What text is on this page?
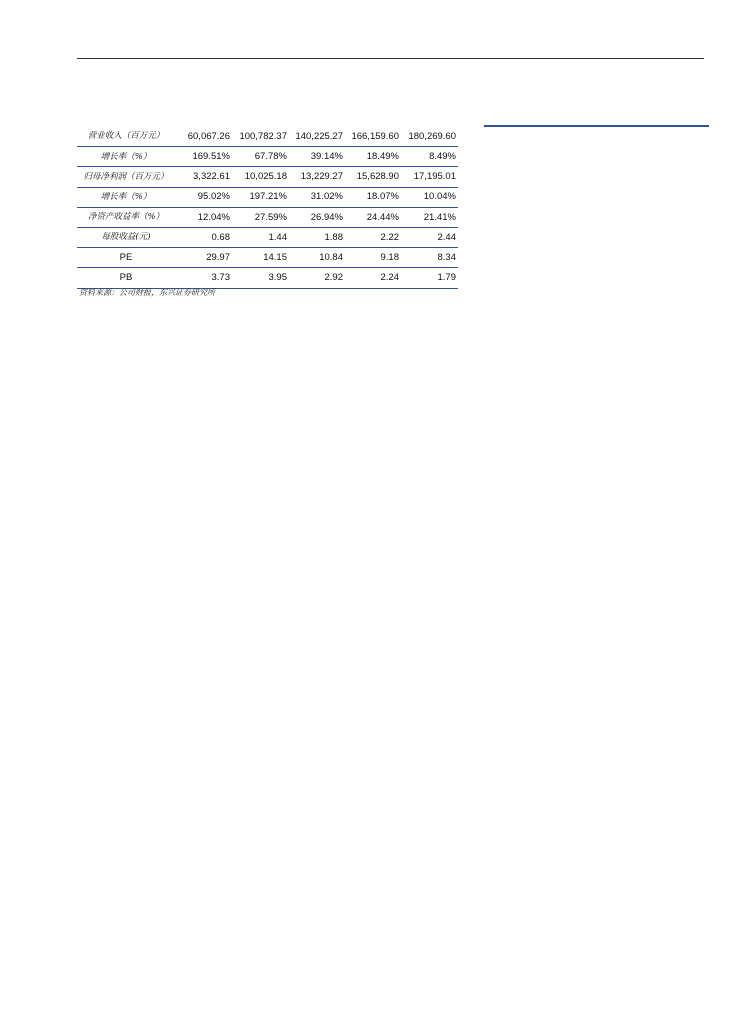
营业收入（百万元）	60,067.26	100,782.37	140,225.27	166,159.60	180,269.60
增长率（%）	169.51%	67.78%	39.14%	18.49%	8.49%
归母净利润（百万元）	3,322.61	10,025.18	13,229.27	15,628.90	17,195.01
增长率（%）	95.02%	197.21%	31.02%	18.07%	10.04%
净资产收益率（%）	12.04%	27.59%	26.94%	24.44%	21.41%
每股收益(元)	0.68	1.44	1.88	2.22	2.44
PE	29.97	14.15	10.84	9.18	8.34
PB	3.73	3.95	2.92	2.24	1.79
资料来源：公司财报，东兴证券研究所
